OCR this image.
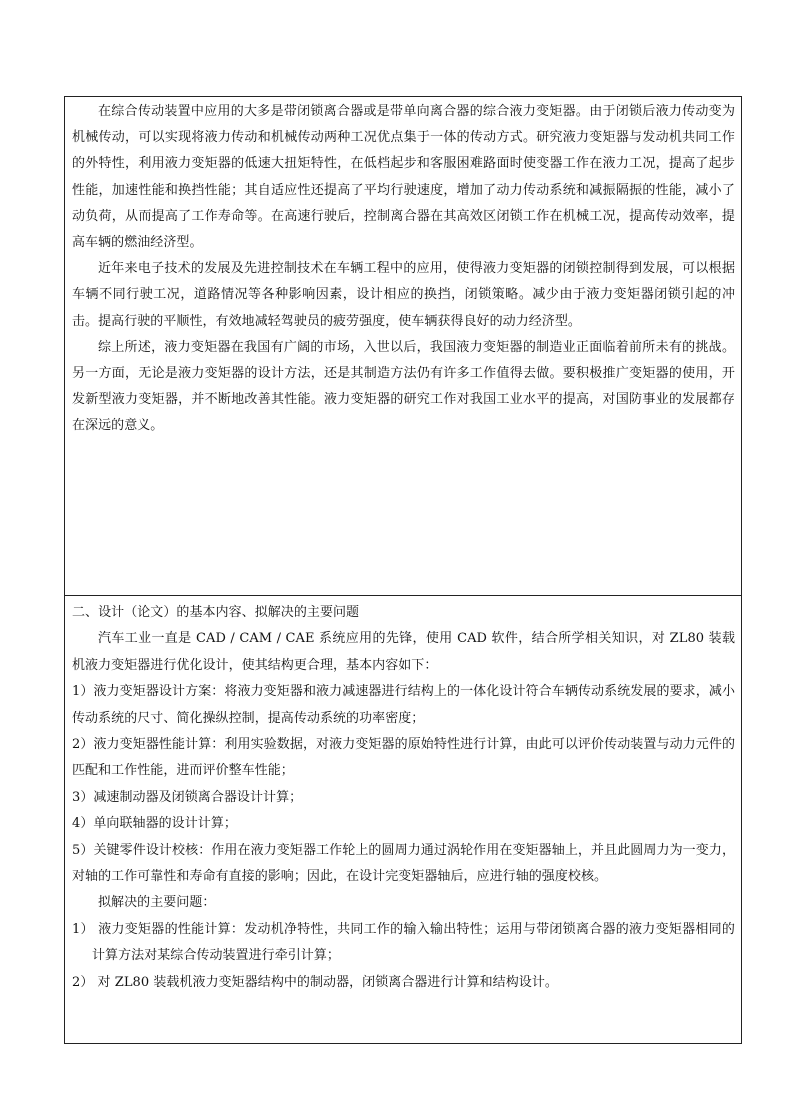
在综合传动装置中应用的大多是带闭锁离合器或是带单向离合器的综合液力变矩器。由于闭锁后液力传动变为机械传动，可以实现将液力传动和机械传动两种工况优点集于一体的传动方式。研究液力变矩器与发动机共同工作的外特性，利用液力变矩器的低速大扭矩特性，在低档起步和客服困难路面时使变器工作在液力工况，提高了起步性能，加速性能和换挡性能；其自适应性还提高了平均行驶速度，增加了动力传动系统和减振隔振的性能，减小了动负荷，从而提高了工作寿命等。在高速行驶后，控制离合器在其高效区闭锁工作在机械工况，提高传动效率，提高车辆的燃油经济型。

近年来电子技术的发展及先进控制技术在车辆工程中的应用，使得液力变矩器的闭锁控制得到发展，可以根据车辆不同行驶工况，道路情况等各种影响因素，设计相应的换挡，闭锁策略。减少由于液力变矩器闭锁引起的冲击。提高行驶的平顺性，有效地减轻驾驶员的疲劳强度，使车辆获得良好的动力经济型。

综上所述，液力变矩器在我国有广阔的市场，入世以后，我国液力变矩器的制造业正面临着前所未有的挑战。另一方面，无论是液力变矩器的设计方法，还是其制造方法仍有许多工作值得去做。要积极推广变矩器的使用，开发新型液力变矩器，并不断地改善其性能。液力变矩器的研究工作对我国工业水平的提高，对国防事业的发展都存在深远的意义。

二、设计（论文）的基本内容、拟解决的主要问题

汽车工业一直是 CAD / CAM / CAE 系统应用的先锋，使用 CAD 软件，结合所学相关知识，对 ZL80 装载机液力变矩器进行优化设计，使其结构更合理，基本内容如下：

1）液力变矩器设计方案：将液力变矩器和液力减速器进行结构上的一体化设计符合车辆传动系统发展的要求，减小传动系统的尺寸、简化操纵控制，提高传动系统的功率密度；

2）液力变矩器性能计算：利用实验数据，对液力变矩器的原始特性进行计算，由此可以评价传动装置与动力元件的匹配和工作性能，进而评价整车性能；

3）减速制动器及闭锁离合器设计计算；

4）单向联轴器的设计计算；

5）关键零件设计校核：作用在液力变矩器工作轮上的圆周力通过涡轮作用在变矩器轴上，并且此圆周力为一变力，对轴的工作可靠性和寿命有直接的影响；因此，在设计完变矩器轴后，应进行轴的强度校核。

拟解决的主要问题：

1） 液力变矩器的性能计算：发动机净特性，共同工作的输入输出特性；运用与带闭锁离合器的液力变矩器相同的计算方法对某综合传动装置进行牵引计算；

2） 对 ZL80 装载机液力变矩器结构中的制动器，闭锁离合器进行计算和结构设计。
